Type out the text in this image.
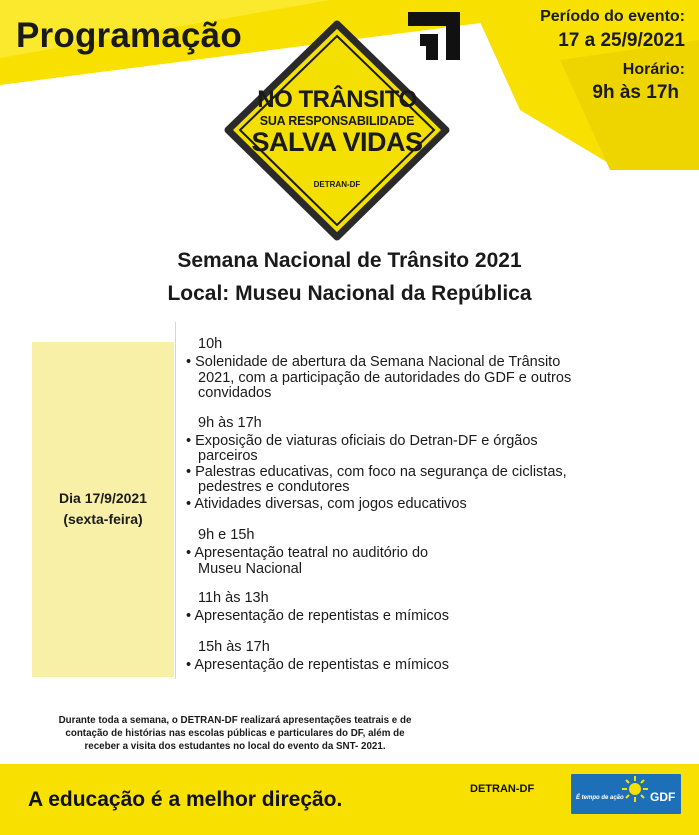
Programação	Período do evento:
17 a 25/9/2021
Horário:
9h às 17h
NO TRÂNSITO
SUA RESPONSABILIDADE
SALVA VIDAS
DETRAN-DF
Semana Nacional de Trânsito 2021
Local: Museu Nacional da República
Dia 17/9/2021
(sexta-feira)
10h
• Solenidade de abertura da Semana Nacional de Trânsito
2021, com a participação de autoridades do GDF e outros
convidados
9h às 17h
• Exposição de viaturas oficiais do Detran-DF e órgãos
parceiros
• Palestras educativas, com foco na segurança de ciclistas,
pedestres e condutores
• Atividades diversas, com jogos educativos
9h e 15h
• Apresentação teatral no auditório do
Museu Nacional
11h às 13h
• Apresentação de repentistas e mímicos
15h às 17h
• Apresentação de repentistas e mímicos
Durante toda a semana, o DETRAN-DF realizará apresentações teatrais e de
contação de histórias nas escolas públicas e particulares do DF, além de
receber a visita dos estudantes no local do evento da SNT- 2021.
A educação é a melhor direção.	DETRAN-DF
É tempo de ação GDF
